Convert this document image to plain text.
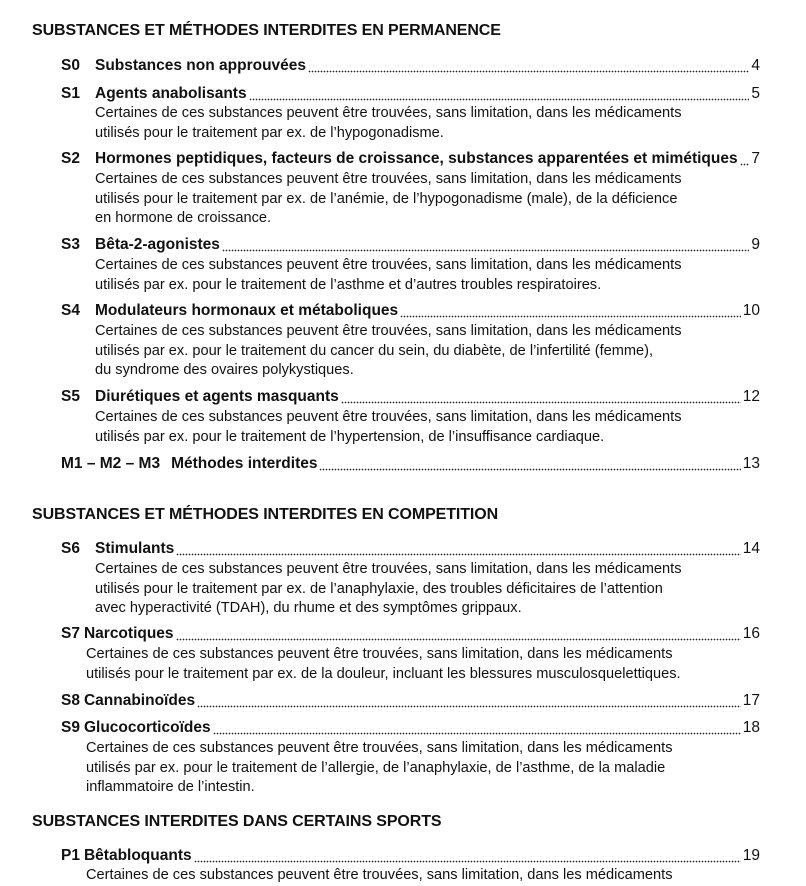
SUBSTANCES ET MÉTHODES INTERDITES EN PERMANENCE
S0 Substances non approuvées	4
S1 Agents anabolisants	5
Certaines de ces substances peuvent être trouvées, sans limitation, dans les médicaments
utilisés pour le traitement par ex. de l’hypogonadisme.
S2 Hormones peptidiques, facteurs de croissance, substances apparentées et mimétiques 7
Certaines de ces substances peuvent être trouvées, sans limitation, dans les médicaments
utilisés pour le traitement par ex. de l’anémie, de l’hypogonadisme (male), de la déficience
en hormone de croissance.
S3 Bêta-2-agonistes	9
Certaines de ces substances peuvent être trouvées, sans limitation, dans les médicaments
utilisés par ex. pour le traitement de l’asthme et d’autres troubles respiratoires.
S4 Modulateurs hormonaux et métaboliques	10
Certaines de ces substances peuvent être trouvées, sans limitation, dans les médicaments
utilisés par ex. pour le traitement du cancer du sein, du diabète, de l’infertilité (femme),
du syndrome des ovaires polykystiques.
S5 Diurétiques et agents masquants	12
Certaines de ces substances peuvent être trouvées, sans limitation, dans les médicaments
utilisés par ex. pour le traitement de l’hypertension, de l’insuffisance cardiaque.
M1 – M2 – M3 Méthodes interdites	13
SUBSTANCES ET MÉTHODES INTERDITES EN COMPETITION
S6 Stimulants	14
Certaines de ces substances peuvent être trouvées, sans limitation, dans les médicaments
utilisés pour le traitement par ex. de l’anaphylaxie, des troubles déficitaires de l’attention
avec hyperactivité (TDAH), du rhume et des symptômes grippaux.
S7 Narcotiques	16
Certaines de ces substances peuvent être trouvées, sans limitation, dans les médicaments
utilisés pour le traitement par ex. de la douleur, incluant les blessures musculosquelettiques.
S8 Cannabinoïdes	17
S9 Glucocorticoïdes	18
Certaines de ces substances peuvent être trouvées, sans limitation, dans les médicaments
utilisés par ex. pour le traitement de l’allergie, de l’anaphylaxie, de l’asthme, de la maladie
inflammatoire de l’intestin.
SUBSTANCES INTERDITES DANS CERTAINS SPORTS
P1 Bêtabloquants	19
Certaines de ces substances peuvent être trouvées, sans limitation, dans les médicaments
